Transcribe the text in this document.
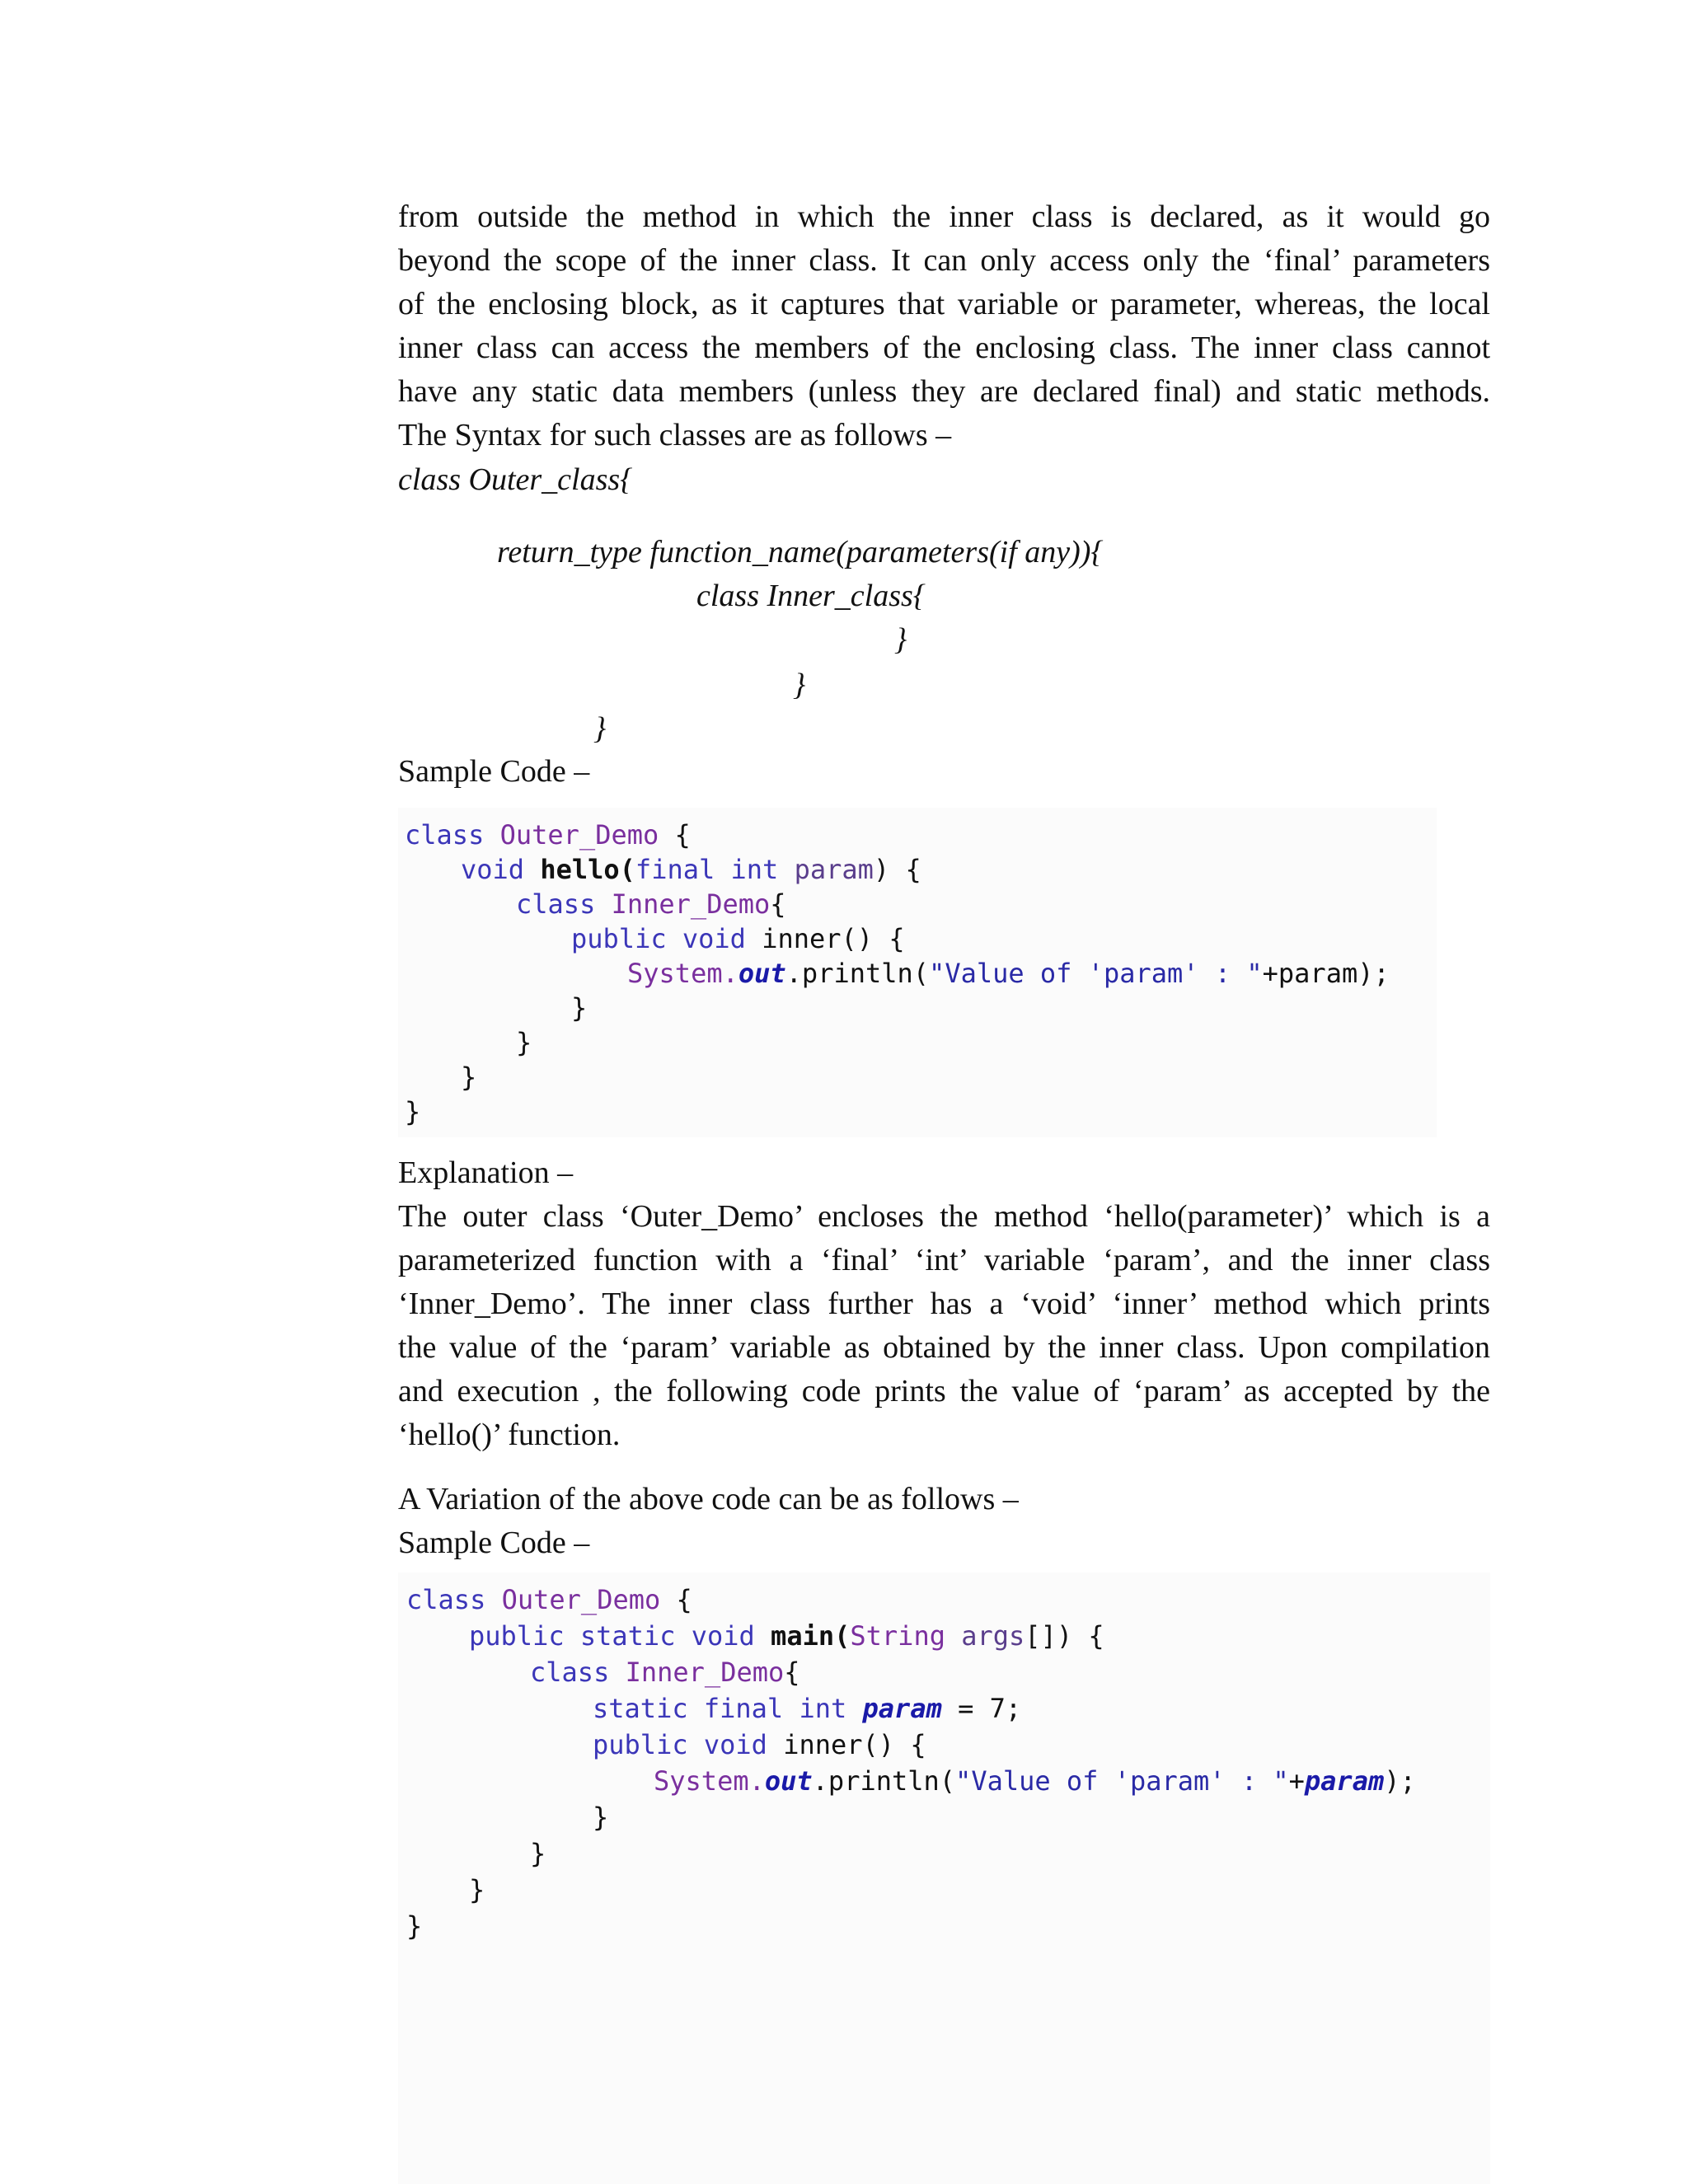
from outside the method in which the inner class is declared, as it would go
beyond the scope of the inner class. It can only access only the ‘final’ parameters
of the enclosing block, as it captures that variable or parameter, whereas, the local
inner class can access the members of the enclosing class. The inner class cannot
have any static data members (unless they are declared final) and static methods.
The Syntax for such classes are as follows –
class Outer_class{
return_type function_name(parameters(if any)){
class Inner_class{
}
}
}
Sample Code –
class Outer_Demo {
void hello(final int param) {
class Inner_Demo{
public void inner() {
System.out.println("Value of 'param' : "+param);
}
}
}
}
Explanation –
The outer class ‘Outer_Demo’ encloses the method ‘hello(parameter)’ which is a
parameterized function with a ‘final’ ‘int’ variable ‘param’, and the inner class
‘Inner_Demo’. The inner class further has a ‘void’ ‘inner’ method which prints
the value of the ‘param’ variable as obtained by the inner class. Upon compilation
and execution , the following code prints the value of ‘param’ as accepted by the
‘hello()’ function.
A Variation of the above code can be as follows –
Sample Code –
class Outer_Demo {
public static void main(String args[]) {
class Inner_Demo{
static final int param = 7;
public void inner() {
System.out.println("Value of 'param' : "+param);
}
}
}
}
